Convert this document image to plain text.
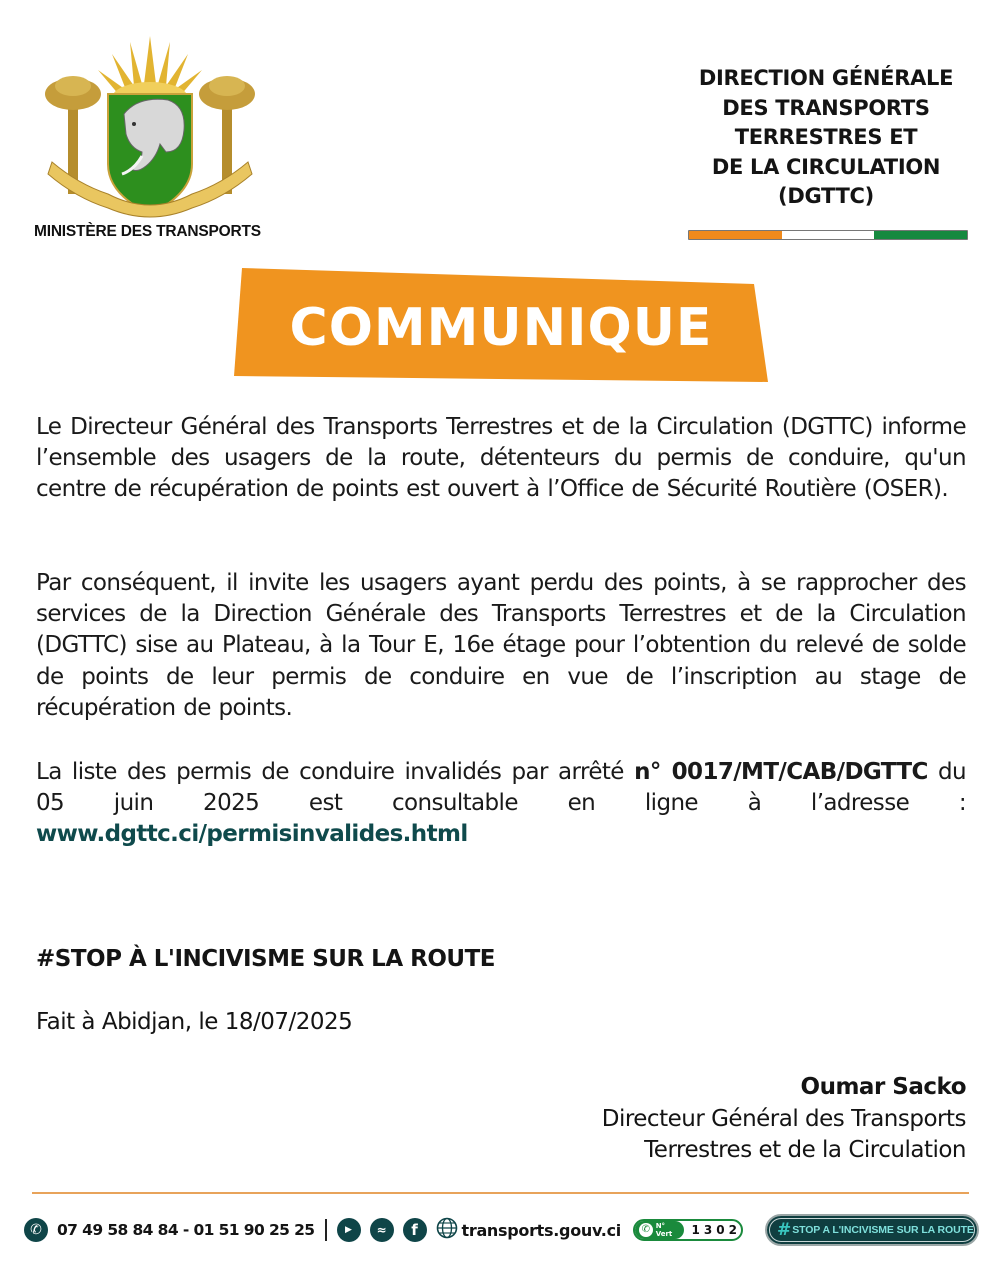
MINISTÈRE DES TRANSPORTS
DIRECTION GÉNÉRALE
DES TRANSPORTS
TERRESTRES ET
DE LA CIRCULATION
(DGTTC)
COMMUNIQUE

Le Directeur Général des Transports Terrestres et de la Circulation (DGTTC) informe l’ensemble des usagers de la route, détenteurs du permis de conduire, qu'un centre de récupération de points est ouvert à l’Office de Sécurité Routière (OSER).

Par conséquent, il invite les usagers ayant perdu des points, à se rapprocher des services de la Direction Générale des Transports Terrestres et de la Circulation (DGTTC) sise au Plateau, à la Tour E, 16e étage pour l’obtention du relevé de solde de points de leur permis de conduire en vue de l’inscription au stage de récupération de points.

La liste des permis de conduire invalidés par arrêté n° 0017/MT/CAB/DGTTC du 05 juin 2025 est consultable en ligne à l’adresse : www.dgttc.ci/permisinvalides.html

#STOP À L'INCIVISME SUR LA ROUTE
Fait à Abidjan, le 18/07/2025
Oumar Sacko
Directeur Général des Transports
Terrestres et de la Circulation
✆ 07 49 58 84 84 - 01 51 90 25 25	▶	≈	f	transports.gouv.ci ✆ N° Vert	1302 # STOP A L'INCIVISME SUR LA ROUTE
